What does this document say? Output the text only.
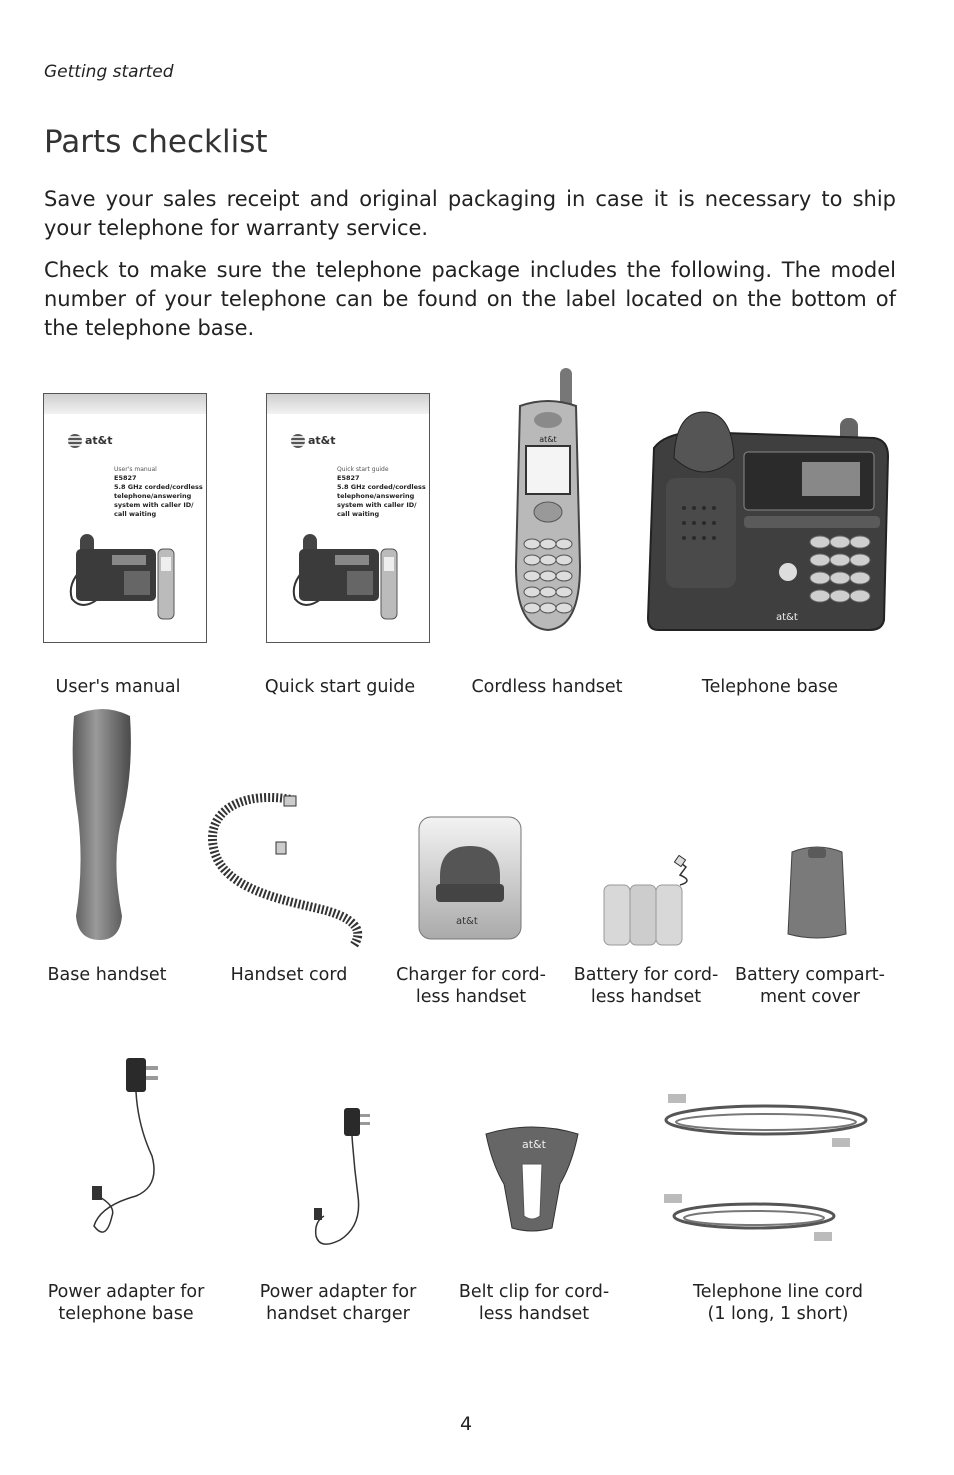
Getting started
Parts checklist
Save your sales receipt and original packaging in case it is necessary to ship your telephone for warranty service.
Check to make sure the telephone package includes the following. The model number of your telephone can be found on the label located on the bottom of the telephone base.
at&t
User's manual
E5827
5.8 GHz corded/cordless telephone/answering system with caller ID/ call waiting
at&t
Quick start guide
E5827
5.8 GHz corded/cordless telephone/answering system with caller ID/ call waiting
at&t
at&t
User's manual	Quick start guide	Cordless handset	Telephone base
at&t
Base handset	Handset cord	Charger for cord-
less handset
Battery for cord-
less handset
Battery compart-
ment cover
at&t
Power adapter for
telephone base
Power adapter for
handset charger
Belt clip for cord-
less handset
Telephone line cord
(1 long, 1 short)
4
